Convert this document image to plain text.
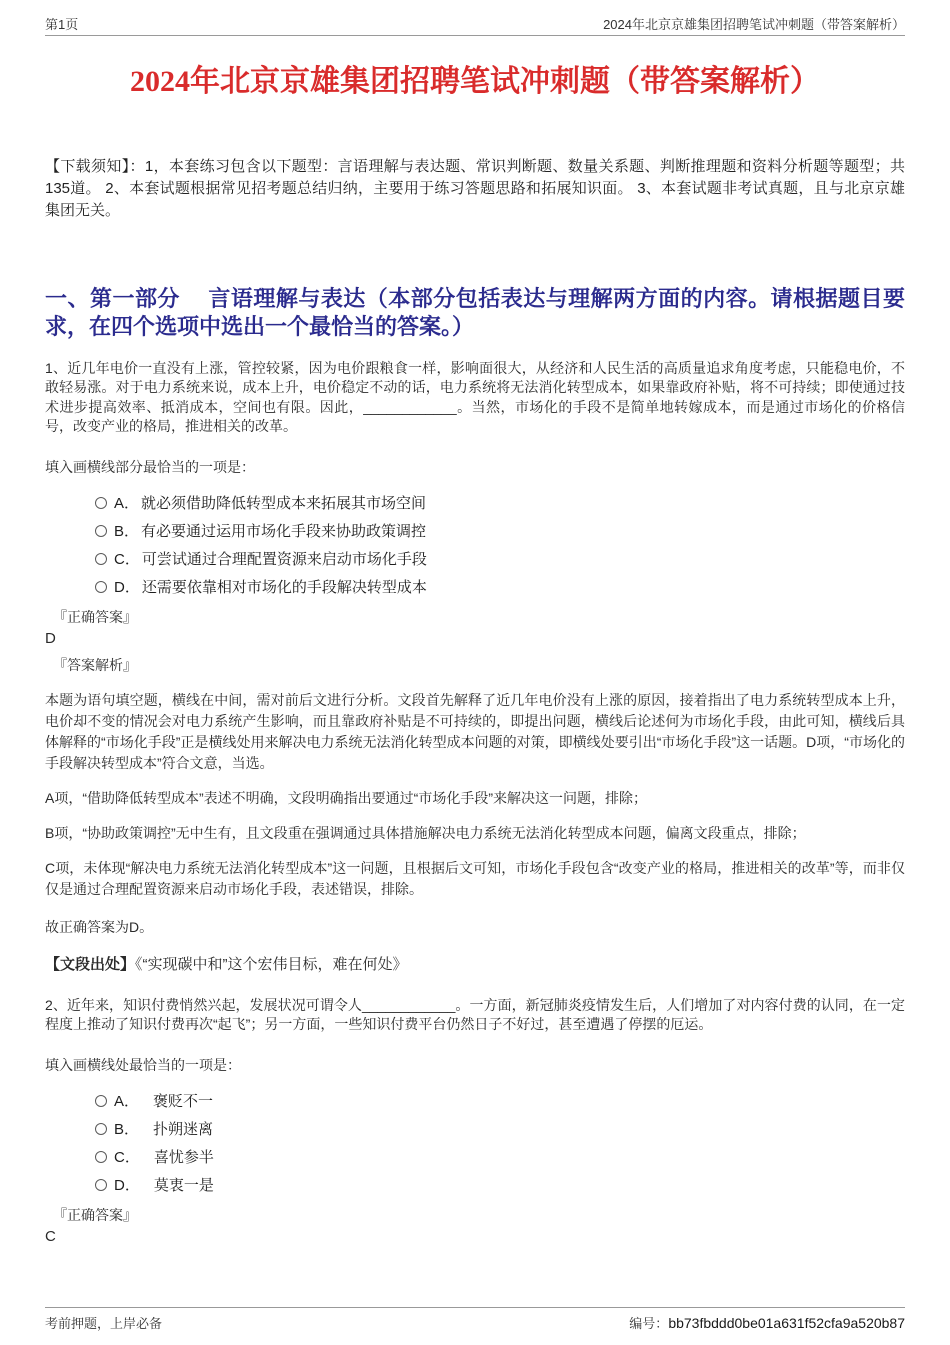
第1页	2024年北京京雄集团招聘笔试冲刺题（带答案解析）
2024年北京京雄集团招聘笔试冲刺题（带答案解析）

【下载须知】：1，本套练习包含以下题型：言语理解与表达题、常识判断题、数量关系题、判断推理题和资料分析题等题型；共135道。 2、本套试题根据常见招考题总结归纳，主要用于练习答题思路和拓展知识面。 3、本套试题非考试真题，且与北京京雄集团无关。

一、第一部分　 言语理解与表达（本部分包括表达与理解两方面的内容。请根据题目要求，在四个选项中选出一个最恰当的答案。）

1、近几年电价一直没有上涨，管控较紧，因为电价跟粮食一样，影响面很大，从经济和人民生活的高质量追求角度考虑，只能稳电价，不敢轻易涨。对于电力系统来说，成本上升，电价稳定不动的话，电力系统将无法消化转型成本，如果靠政府补贴，将不可持续；即使通过技术进步提高效率、抵消成本，空间也有限。因此，____________。当然，市场化的手段不是简单地转嫁成本，而是通过市场化的价格信号，改变产业的格局，推进相关的改革。

填入画横线部分最恰当的一项是：

A． 就必须借助降低转型成本来拓展其市场空间
B． 有必要通过运用市场化手段来协助政策调控
C． 可尝试通过合理配置资源来启动市场化手段
D． 还需要依靠相对市场化的手段解决转型成本
『正确答案』
D
『答案解析』

本题为语句填空题，横线在中间，需对前后文进行分析。文段首先解释了近几年电价没有上涨的原因，接着指出了电力系统转型成本上升，电价却不变的情况会对电力系统产生影响，而且靠政府补贴是不可持续的，即提出问题，横线后论述何为市场化手段，由此可知，横线后具体解释的“市场化手段”正是横线处用来解决电力系统无法消化转型成本问题的对策，即横线处要引出“市场化手段”这一话题。D项，“市场化的手段解决转型成本”符合文意，当选。

A项，“借助降低转型成本”表述不明确，文段明确指出要通过“市场化手段”来解决这一问题，排除；

B项，“协助政策调控”无中生有，且文段重在强调通过具体措施解决电力系统无法消化转型成本问题，偏离文段重点，排除；

C项，未体现“解决电力系统无法消化转型成本”这一问题，且根据后文可知，市场化手段包含“改变产业的格局，推进相关的改革”等，而非仅仅是通过合理配置资源来启动市场化手段，表述错误，排除。

故正确答案为D。

【文段出处】《“实现碳中和”这个宏伟目标，难在何处》

2、近年来，知识付费悄然兴起，发展状况可谓令人____________。一方面，新冠肺炎疫情发生后，人们增加了对内容付费的认同，在一定程度上推动了知识付费再次“起飞”；另一方面，一些知识付费平台仍然日子不好过，甚至遭遇了停摆的厄运。

填入画横线处最恰当的一项是：

A． 褒贬不一
B． 扑朔迷离
C． 喜忧参半
D． 莫衷一是
『正确答案』
C
考前押题，上岸必备	编号： bb73fbddd0be01a631f52cfa9a520b87
